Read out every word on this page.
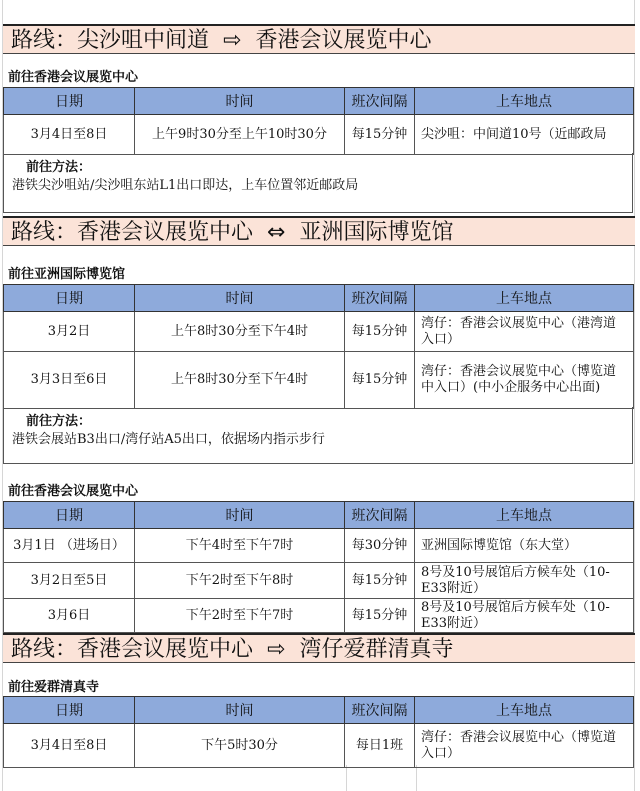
路线：尖沙咀中间道 ⇨ 香港会议展览中心
前往香港会议展览中心
日期	时间	班次间隔	上车地点
3月4日至8日	上午9时30分至上午10时30分	每15分钟	尖沙咀：中间道10号（近邮政局
前往方法：
港铁尖沙咀站/尖沙咀东站L1出口即达，上车位置邻近邮政局
路线：香港会议展览中心 ⇔ 亚洲国际博览馆
前往亚洲国际博览馆
日期	时间	班次间隔	上车地点
3月2日	上午8时30分至下午4时	每15分钟	湾仔：香港会议展览中心（港湾道入口）
3月3日至6日	上午8时30分至下午4时	每15分钟	湾仔：香港会议展览中心（博览道中入口）(中小企服务中心出面)
前往方法：
港铁会展站B3出口/湾仔站A5出口，依据场内指示步行
前往香港会议展览中心
日期	时间	班次间隔	上车地点
3月1日 （进场日）	下午4时至下午7时	每30分钟	亚洲国际博览馆（东大堂）
3月2日至5日	下午2时至下午8时	每15分钟	8号及10号展馆后方候车处（10-E33附近）
3月6日	下午2时至下午7时	每15分钟	8号及10号展馆后方候车处（10-E33附近）
路线：香港会议展览中心 ⇨ 湾仔爱群清真寺
前往爱群清真寺
日期	时间	班次间隔	上车地点
3月4日至8日	下午5时30分	每日1班	湾仔：香港会议展览中心（博览道入口）
